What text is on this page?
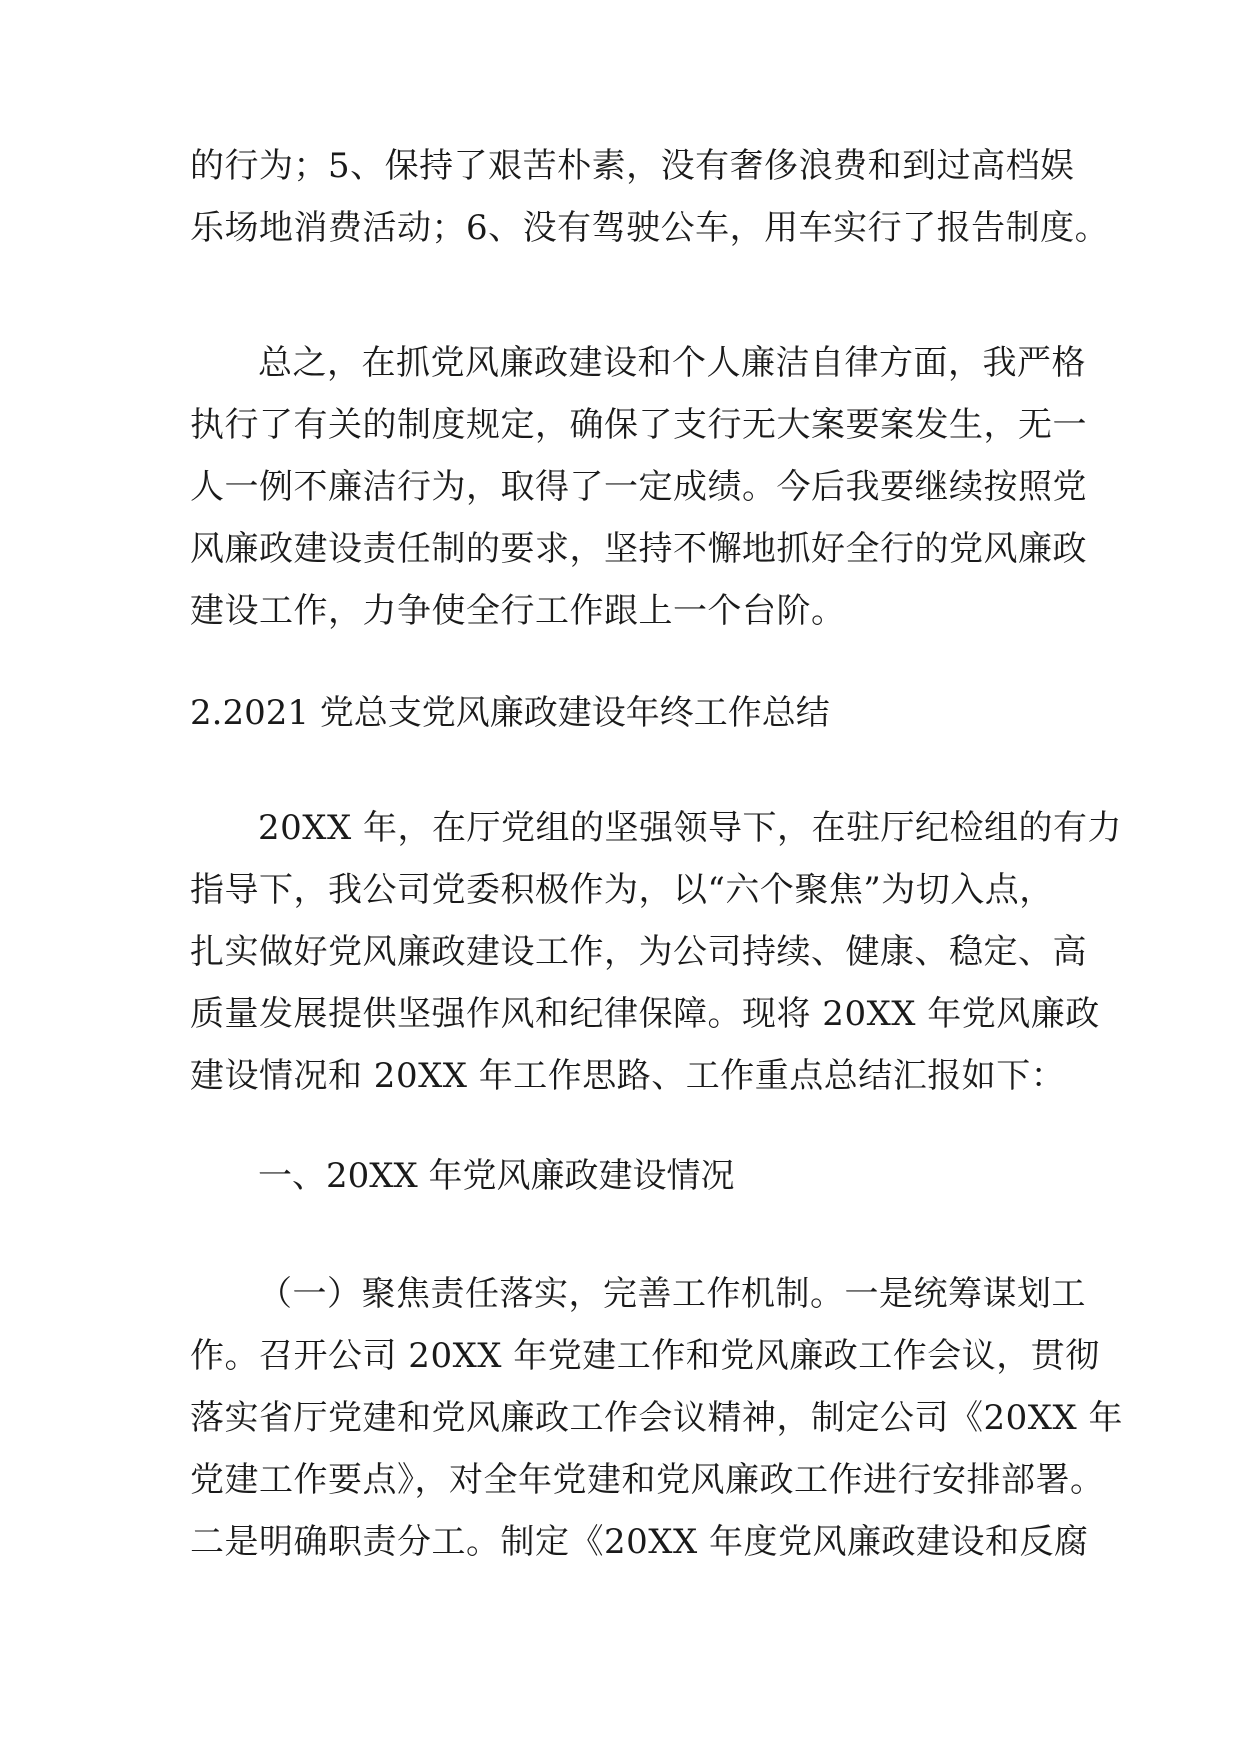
的行为；5、保持了艰苦朴素，没有奢侈浪费和到过高档娱
乐场地消费活动；6、没有驾驶公车，用车实行了报告制度。
总之，在抓党风廉政建设和个人廉洁自律方面，我严格
执行了有关的制度规定，确保了支行无大案要案发生，无一
人一例不廉洁行为，取得了一定成绩。今后我要继续按照党
风廉政建设责任制的要求，坚持不懈地抓好全行的党风廉政
建设工作，力争使全行工作跟上一个台阶。
2.2021 党总支党风廉政建设年终工作总结
20XX 年，在厅党组的坚强领导下，在驻厅纪检组的有力
指导下，我公司党委积极作为，以“六个聚焦”为切入点，
扎实做好党风廉政建设工作，为公司持续、健康、稳定、高
质量发展提供坚强作风和纪律保障。现将 20XX 年党风廉政
建设情况和 20XX 年工作思路、工作重点总结汇报如下：
一、20XX 年党风廉政建设情况
（一）聚焦责任落实，完善工作机制。一是统筹谋划工
作。召开公司 20XX 年党建工作和党风廉政工作会议，贯彻
落实省厅党建和党风廉政工作会议精神，制定公司《20XX 年
党建工作要点》，对全年党建和党风廉政工作进行安排部署。
二是明确职责分工。制定《20XX 年度党风廉政建设和反腐
